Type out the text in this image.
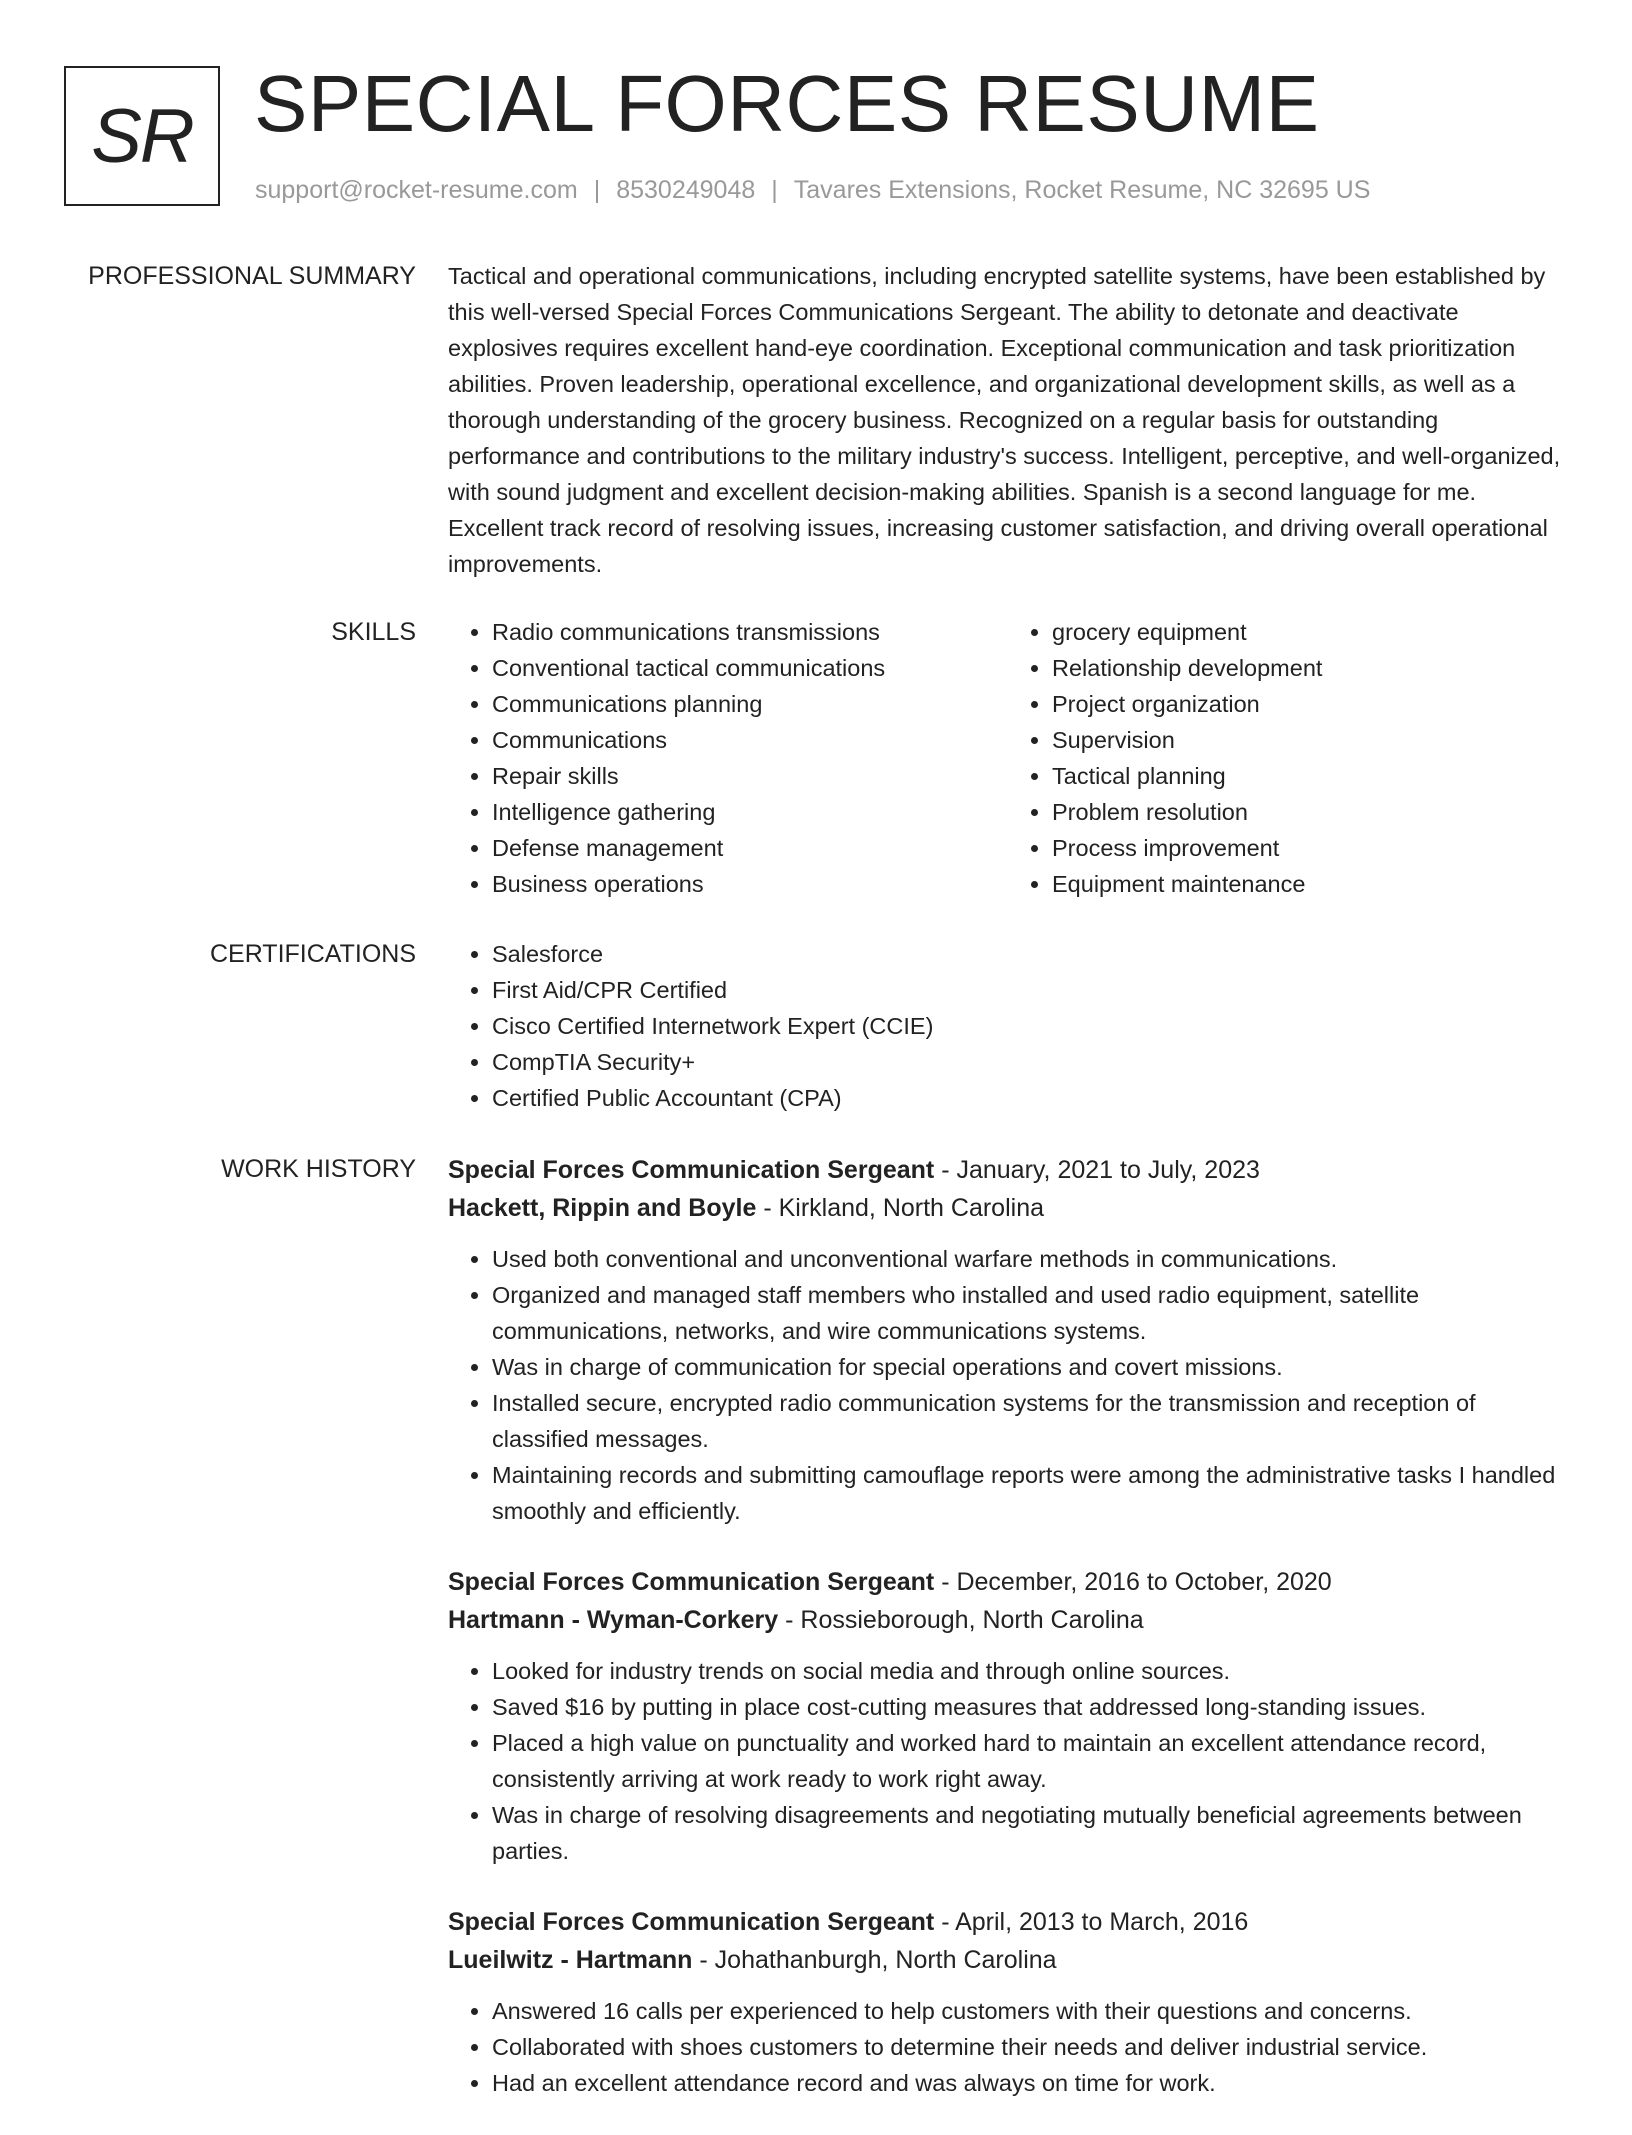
SR SPECIAL FORCES RESUME
support@rocket-resume.com | 8530249048 | Tavares Extensions, Rocket Resume, NC 32695 US
PROFESSIONAL SUMMARY Tactical and operational communications, including encrypted satellite systems, have been established by this well-versed Special Forces Communications Sergeant. The ability to detonate and deactivate explosives requires excellent hand-eye coordination. Exceptional communication and task prioritization abilities. Proven leadership, operational excellence, and organizational development skills, as well as a thorough understanding of the grocery business. Recognized on a regular basis for outstanding performance and contributions to the military industry's success. Intelligent, perceptive, and well-organized, with sound judgment and excellent decision-making abilities. Spanish is a second language for me. Excellent track record of resolving issues, increasing customer satisfaction, and driving overall operational improvements.

SKILLS	• Radio communications transmissions
• Conventional tactical communications
• Communications planning
• Communications
• Repair skills
• Intelligence gathering
• Defense management
• Business operations
• grocery equipment
• Relationship development
• Project organization
• Supervision
• Tactical planning
• Problem resolution
• Process improvement
• Equipment maintenance
CERTIFICATIONS	• Salesforce
• First Aid/CPR Certified
• Cisco Certified Internetwork Expert (CCIE)
• CompTIA Security+
• Certified Public Accountant (CPA)
WORK HISTORY Special Forces Communication Sergeant - January, 2021 to July, 2023
Hackett, Rippin and Boyle - Kirkland, North Carolina
• Used both conventional and unconventional warfare methods in communications.
• Organized and managed staff members who installed and used radio equipment, satellite communications, networks, and wire communications systems.
• Was in charge of communication for special operations and covert missions.
• Installed secure, encrypted radio communication systems for the transmission and reception of classified messages.
• Maintaining records and submitting camouflage reports were among the administrative tasks I handled smoothly and efficiently.
Special Forces Communication Sergeant - December, 2016 to October, 2020
Hartmann - Wyman-Corkery - Rossieborough, North Carolina
• Looked for industry trends on social media and through online sources.
• Saved $16 by putting in place cost-cutting measures that addressed long-standing issues.
• Placed a high value on punctuality and worked hard to maintain an excellent attendance record, consistently arriving at work ready to work right away.
• Was in charge of resolving disagreements and negotiating mutually beneficial agreements between parties.
Special Forces Communication Sergeant - April, 2013 to March, 2016
Lueilwitz - Hartmann - Johathanburgh, North Carolina
• Answered 16 calls per experienced to help customers with their questions and concerns.
• Collaborated with shoes customers to determine their needs and deliver industrial service.
• Had an excellent attendance record and was always on time for work.
